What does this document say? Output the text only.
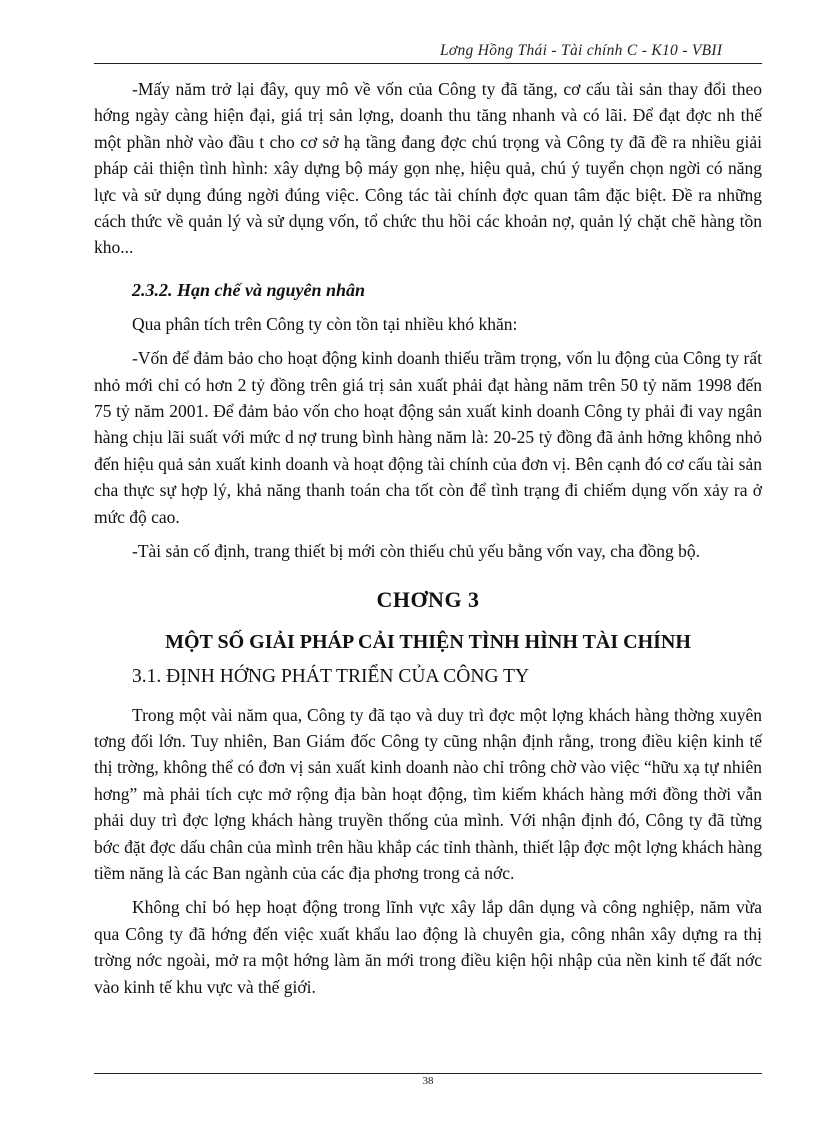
Lơng Hồng Thái - Tài chính C - K10 - VBII

-Mấy năm trở lại đây, quy mô về vốn của Công ty đã tăng, cơ cấu tài sản thay đổi theo hớng ngày càng hiện đại, giá trị sản lợng, doanh thu tăng nhanh và có lãi. Để đạt đợc nh thế một phần nhờ vào đầu t cho cơ sở hạ tầng đang đợc chú trọng và Công ty đã đề ra nhiều giải pháp cải thiện tình hình: xây dựng bộ máy gọn nhẹ, hiệu quả, chú ý tuyển chọn ngời có năng lực và sử dụng đúng ngời đúng việc. Công tác tài chính đợc quan tâm đặc biệt. Đề ra những cách thức về quản lý và sử dụng vốn, tổ chức thu hồi các khoản nợ, quản lý chặt chẽ hàng tồn kho...

2.3.2. Hạn chế và nguyên nhân

Qua phân tích trên Công ty còn tồn tại nhiều khó khăn:

-Vốn để đảm bảo cho hoạt động kinh doanh thiếu trầm trọng, vốn lu động của Công ty rất nhỏ mới chỉ có hơn 2 tỷ đồng trên giá trị sản xuất phải đạt hàng năm trên 50 tỷ năm 1998 đến 75 tỷ năm 2001. Để đảm bảo vốn cho hoạt động sản xuất kinh doanh Công ty phải đi vay ngân hàng chịu lãi suất với mức d nợ trung bình hàng năm là: 20-25 tỷ đồng đã ảnh hởng không nhỏ đến hiệu quả sản xuất kinh doanh và hoạt động tài chính của đơn vị. Bên cạnh đó cơ cấu tài sản cha thực sự hợp lý, khả năng thanh toán cha tốt còn để tình trạng đi chiếm dụng vốn xảy ra ở mức độ cao.

-Tài sản cố định, trang thiết bị mới còn thiếu chủ yếu bằng vốn vay, cha đồng bộ.

CHƠNG 3
MỘT SỐ GIẢI PHÁP CẢI THIỆN TÌNH HÌNH TÀI CHÍNH
3.1. ĐỊNH HỚNG PHÁT TRIỂN CỦA CÔNG TY

Trong một vài năm qua, Công ty đã tạo và duy trì đợc một lợng khách hàng thờng xuyên tơng đối lớn. Tuy nhiên, Ban Giám đốc Công ty cũng nhận định rằng, trong điều kiện kinh tế thị trờng, không thể có đơn vị sản xuất kinh doanh nào chỉ trông chờ vào việc “hữu xạ tự nhiên hơng” mà phải tích cực mở rộng địa bàn hoạt động, tìm kiếm khách hàng mới đồng thời vẫn phải duy trì đợc lợng khách hàng truyền thống của mình. Với nhận định đó, Công ty đã từng bớc đặt đợc dấu chân của mình trên hầu khắp các tỉnh thành, thiết lập đợc một lợng khách hàng tiềm năng là các Ban ngành của các địa phơng trong cả nớc.

Không chỉ bó hẹp hoạt động trong lĩnh vực xây lắp dân dụng và công nghiệp, năm vừa qua Công ty đã hớng đến việc xuất khẩu lao động là chuyên gia, công nhân xây dựng ra thị trờng nớc ngoài, mở ra một hớng làm ăn mới trong điều kiện hội nhập của nền kinh tế đất nớc vào kinh tế khu vực và thế giới.

38
